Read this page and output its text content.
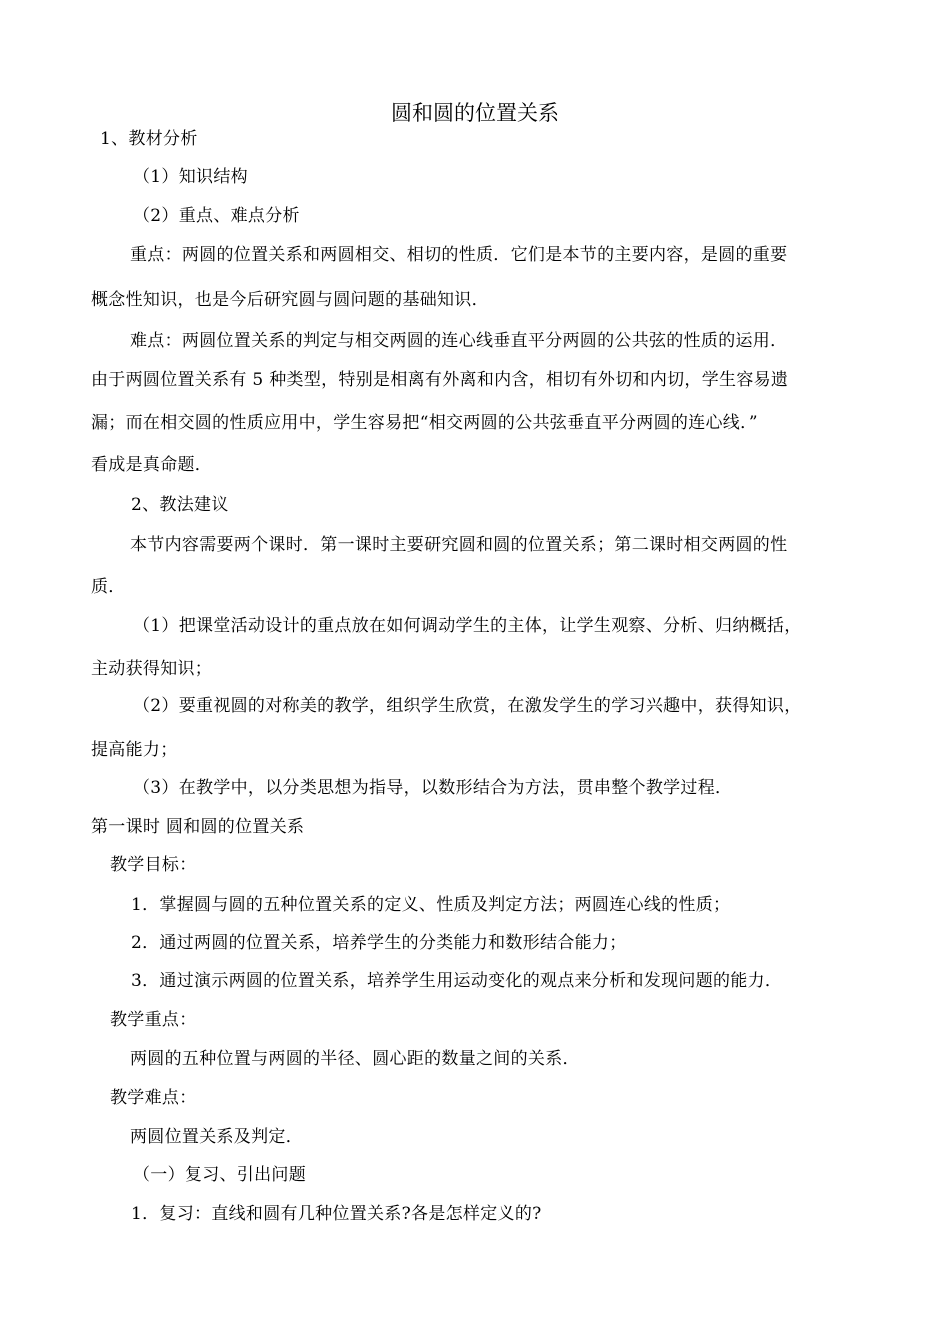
圆和圆的位置关系
1、教材分析
（1）知识结构
（2）重点、难点分析
重点：两圆的位置关系和两圆相交、相切的性质．它们是本节的主要内容，是圆的重要
概念性知识，也是今后研究圆与圆问题的基础知识．
难点：两圆位置关系的判定与相交两圆的连心线垂直平分两圆的公共弦的性质的运用．
由于两圆位置关系有 5 种类型，特别是相离有外离和内含，相切有外切和内切，学生容易遗
漏；而在相交圆的性质应用中，学生容易把“相交两圆的公共弦垂直平分两圆的连心线．”
看成是真命题．
2、教法建议
本节内容需要两个课时．第一课时主要研究圆和圆的位置关系；第二课时相交两圆的性
质．
（1）把课堂活动设计的重点放在如何调动学生的主体，让学生观察、分析、归纳概括，
主动获得知识；
（2）要重视圆的对称美的教学，组织学生欣赏，在激发学生的学习兴趣中，获得知识，
提高能力；
（3）在教学中，以分类思想为指导，以数形结合为方法，贯串整个教学过程．
第一课时 圆和圆的位置关系
教学目标：
1．掌握圆与圆的五种位置关系的定义、性质及判定方法；两圆连心线的性质；
2．通过两圆的位置关系，培养学生的分类能力和数形结合能力；
3．通过演示两圆的位置关系，培养学生用运动变化的观点来分析和发现问题的能力．
教学重点：
两圆的五种位置与两圆的半径、圆心距的数量之间的关系．
教学难点：
两圆位置关系及判定．
（一）复习、引出问题
1．复习：直线和圆有几种位置关系?各是怎样定义的?
